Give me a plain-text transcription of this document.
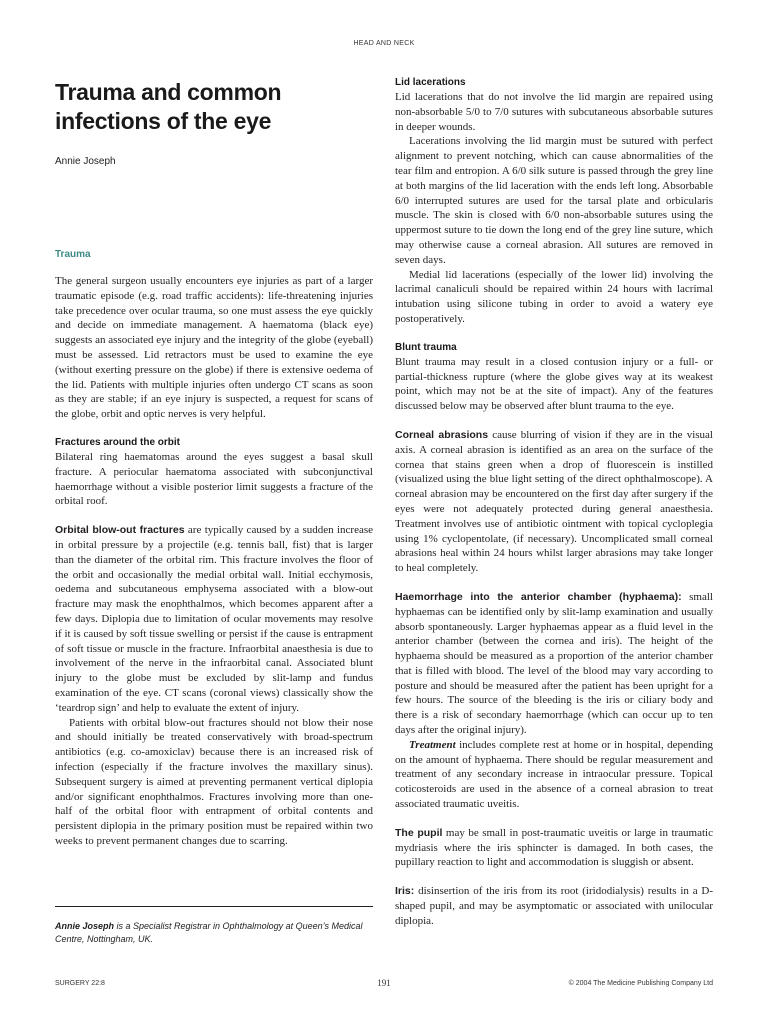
HEAD AND NECK
Trauma and common
infections of the eye
Annie Joseph
Trauma

The general surgeon usually encounters eye injuries as part of a larger traumatic episode (e.g. road traffic accidents): life-threatening injuries take precedence over ocular trauma, so one must assess the eye quickly and decide on immediate management. A haematoma (black eye) suggests an associated eye injury and the integrity of the globe (eyeball) must be assessed. Lid retractors must be used to examine the eye (without exerting pressure on the globe) if there is extensive oedema of the lid. Patients with multiple injuries often undergo CT scans as soon as they are stable; if an eye injury is suspected, a request for scans of the globe, orbit and optic nerves is very helpful.

Fractures around the orbit

Bilateral ring haematomas around the eyes suggest a basal skull fracture. A periocular haematoma associated with subconjunctival haemorrhage without a visible posterior limit suggests a fracture of the orbital roof.

Orbital blow-out fractures are typically caused by a sudden increase in orbital pressure by a projectile (e.g. tennis ball, fist) that is larger than the diameter of the orbital rim. This fracture involves the floor of the orbit and occasionally the medial orbital wall. Initial ecchymosis, oedema and subcutaneous emphysema associated with a blow-out fracture may mask the enophthalmos, which becomes apparent after a few days. Diplopia due to limitation of ocular movements may resolve if it is caused by soft tissue swelling or persist if the cause is entrapment of soft tissue or muscle in the fracture. Infraorbital anaesthesia is due to involvement of the nerve in the infraorbital canal. Associated blunt injury to the globe must be excluded by slit-lamp and fundus examination of the eye. CT scans (coronal views) classically show the ‘teardrop sign’ and help to evaluate the extent of injury.

Patients with orbital blow-out fractures should not blow their nose and should initially be treated conservatively with broad-spectrum antibiotics (e.g. co-amoxiclav) because there is an increased risk of infection (especially if the fracture involves the maxillary sinus). Subsequent surgery is aimed at preventing permanent vertical diplopia and/or significant enophthalmos. Fractures involving more than one-half of the orbital floor with entrapment of orbital contents and persistent diplopia in the primary position must be repaired within two weeks to prevent permanent changes due to scarring.

Annie Joseph is a Specialist Registrar in Ophthalmology at Queen’s Medical Centre, Nottingham, UK.
Lid lacerations

Lid lacerations that do not involve the lid margin are repaired using non-absorbable 5/0 to 7/0 sutures with subcutaneous absorbable sutures in deeper wounds.

Lacerations involving the lid margin must be sutured with perfect alignment to prevent notching, which can cause abnormalities of the tear film and entropion. A 6/0 silk suture is passed through the grey line at both margins of the lid laceration with the ends left long. Absorbable 6/0 interrupted sutures are used for the tarsal plate and orbicularis muscle. The skin is closed with 6/0 non-absorbable sutures using the uppermost suture to tie down the long end of the grey line suture, which may otherwise cause a corneal abrasion. All sutures are removed in seven days.

Medial lid lacerations (especially of the lower lid) involving the lacrimal canaliculi should be repaired within 24 hours with lacrimal intubation using silicone tubing in order to avoid a watery eye postoperatively.

Blunt trauma

Blunt trauma may result in a closed contusion injury or a full- or partial-thickness rupture (where the globe gives way at its weakest point, which may not be at the site of impact). Any of the features discussed below may be observed after blunt trauma to the eye.

Corneal abrasions cause blurring of vision if they are in the visual axis. A corneal abrasion is identified as an area on the surface of the cornea that stains green when a drop of fluorescein is instilled (visualized using the blue light setting of the direct ophthalmoscope). A corneal abrasion may be encountered on the first day after surgery if the eyes were not adequately protected during general anaesthesia. Treatment involves use of antibiotic ointment with topical cycloplegia using 1% cyclopentolate, (if necessary). Uncomplicated small corneal abrasions heal within 24 hours whilst larger abrasions may take longer to heal completely.

Haemorrhage into the anterior chamber (hyphaema): small hyphaemas can be identified only by slit-lamp examination and usually absorb spontaneously. Larger hyphaemas appear as a fluid level in the anterior chamber (between the cornea and iris). The height of the hyphaema should be measured as a proportion of the anterior chamber that is filled with blood. The level of the blood may vary according to posture and should be measured after the patient has been upright for a few hours. The source of the bleeding is the iris or ciliary body and there is a risk of secondary haemorrhage (which can occur up to ten days after the original injury).

Treatment includes complete rest at home or in hospital, depending on the amount of hyphaema. There should be regular measurement and treatment of any secondary increase in intraocular pressure. Topical coticosteroids are used in the absence of a corneal abrasion to treat associated traumatic uveitis.

The pupil may be small in post-traumatic uveitis or large in traumatic mydriasis where the iris sphincter is damaged. In both cases, the pupillary reaction to light and accommodation is sluggish or absent.

Iris: disinsertion of the iris from its root (iridodialysis) results in a D-shaped pupil, and may be asymptomatic or associated with unilocular diplopia.

SURGERY 22:8	191	© 2004 The Medicine Publishing Company Ltd
